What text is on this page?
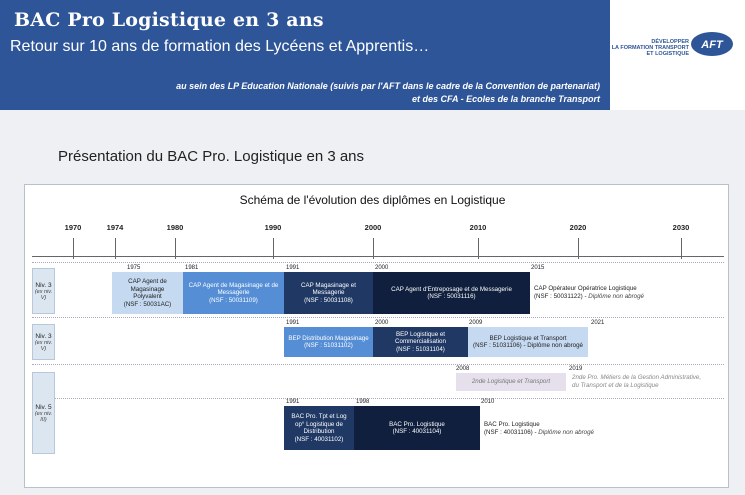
BAC Pro Logistique en 3 ans
Retour sur 10 ans de formation des Lycéens et Apprentis…
au sein des LP Education Nationale (suivis par l'AFT dans le cadre de la Convention de partenariat)
et des CFA - Ecoles de la branche Transport
DÉVELOPPER
LA FORMATION TRANSPORT
ET LOGISTIQUE
AFT
Présentation du BAC Pro. Logistique en 3 ans
Schéma de l'évolution des diplômes en Logistique
1970	1974	1980	1990	2000	2010	2020	2030
Niv. 3
(ex niv. V)
Niv. 3
(ex niv. V)
Niv. 5
(ex niv. III)
1975
CAP Agent de
Magasinage
Polyvalent
(NSF : 50031AC)
1981
CAP Agent de Magasinage et de
Messagerie
(NSF : 50031109)
1991
CAP Magasinage et
Messagerie
(NSF : 50031108)
2000
CAP Agent d'Entreposage et de Messagerie
(NSF : 50031116)
2015
CAP Opérateur Opératrice Logistique
(NSF : 50031122) - Diplôme non abrogé
1991
BEP Distribution Magasinage
(NSF : 51031102)
2000
BEP Logistique et
Commercialisation
(NSF : 51031104)
2009
BEP Logistique et Transport
(NSF : 51031106) - Diplôme non abrogé
2021
2008
2nde Logistique et Transport
2019
2nde Pro. Métiers de la Gestion Administrative,
du Transport et de la Logistique
1991
BAC Pro. Tpt et Log
op° Logistique de
Distribution
(NSF : 40031102)
1998
BAC Pro. Logistique
(NSF : 40031104)
2010
BAC Pro. Logistique
(NSF : 40031106) - Diplôme non abrogé
